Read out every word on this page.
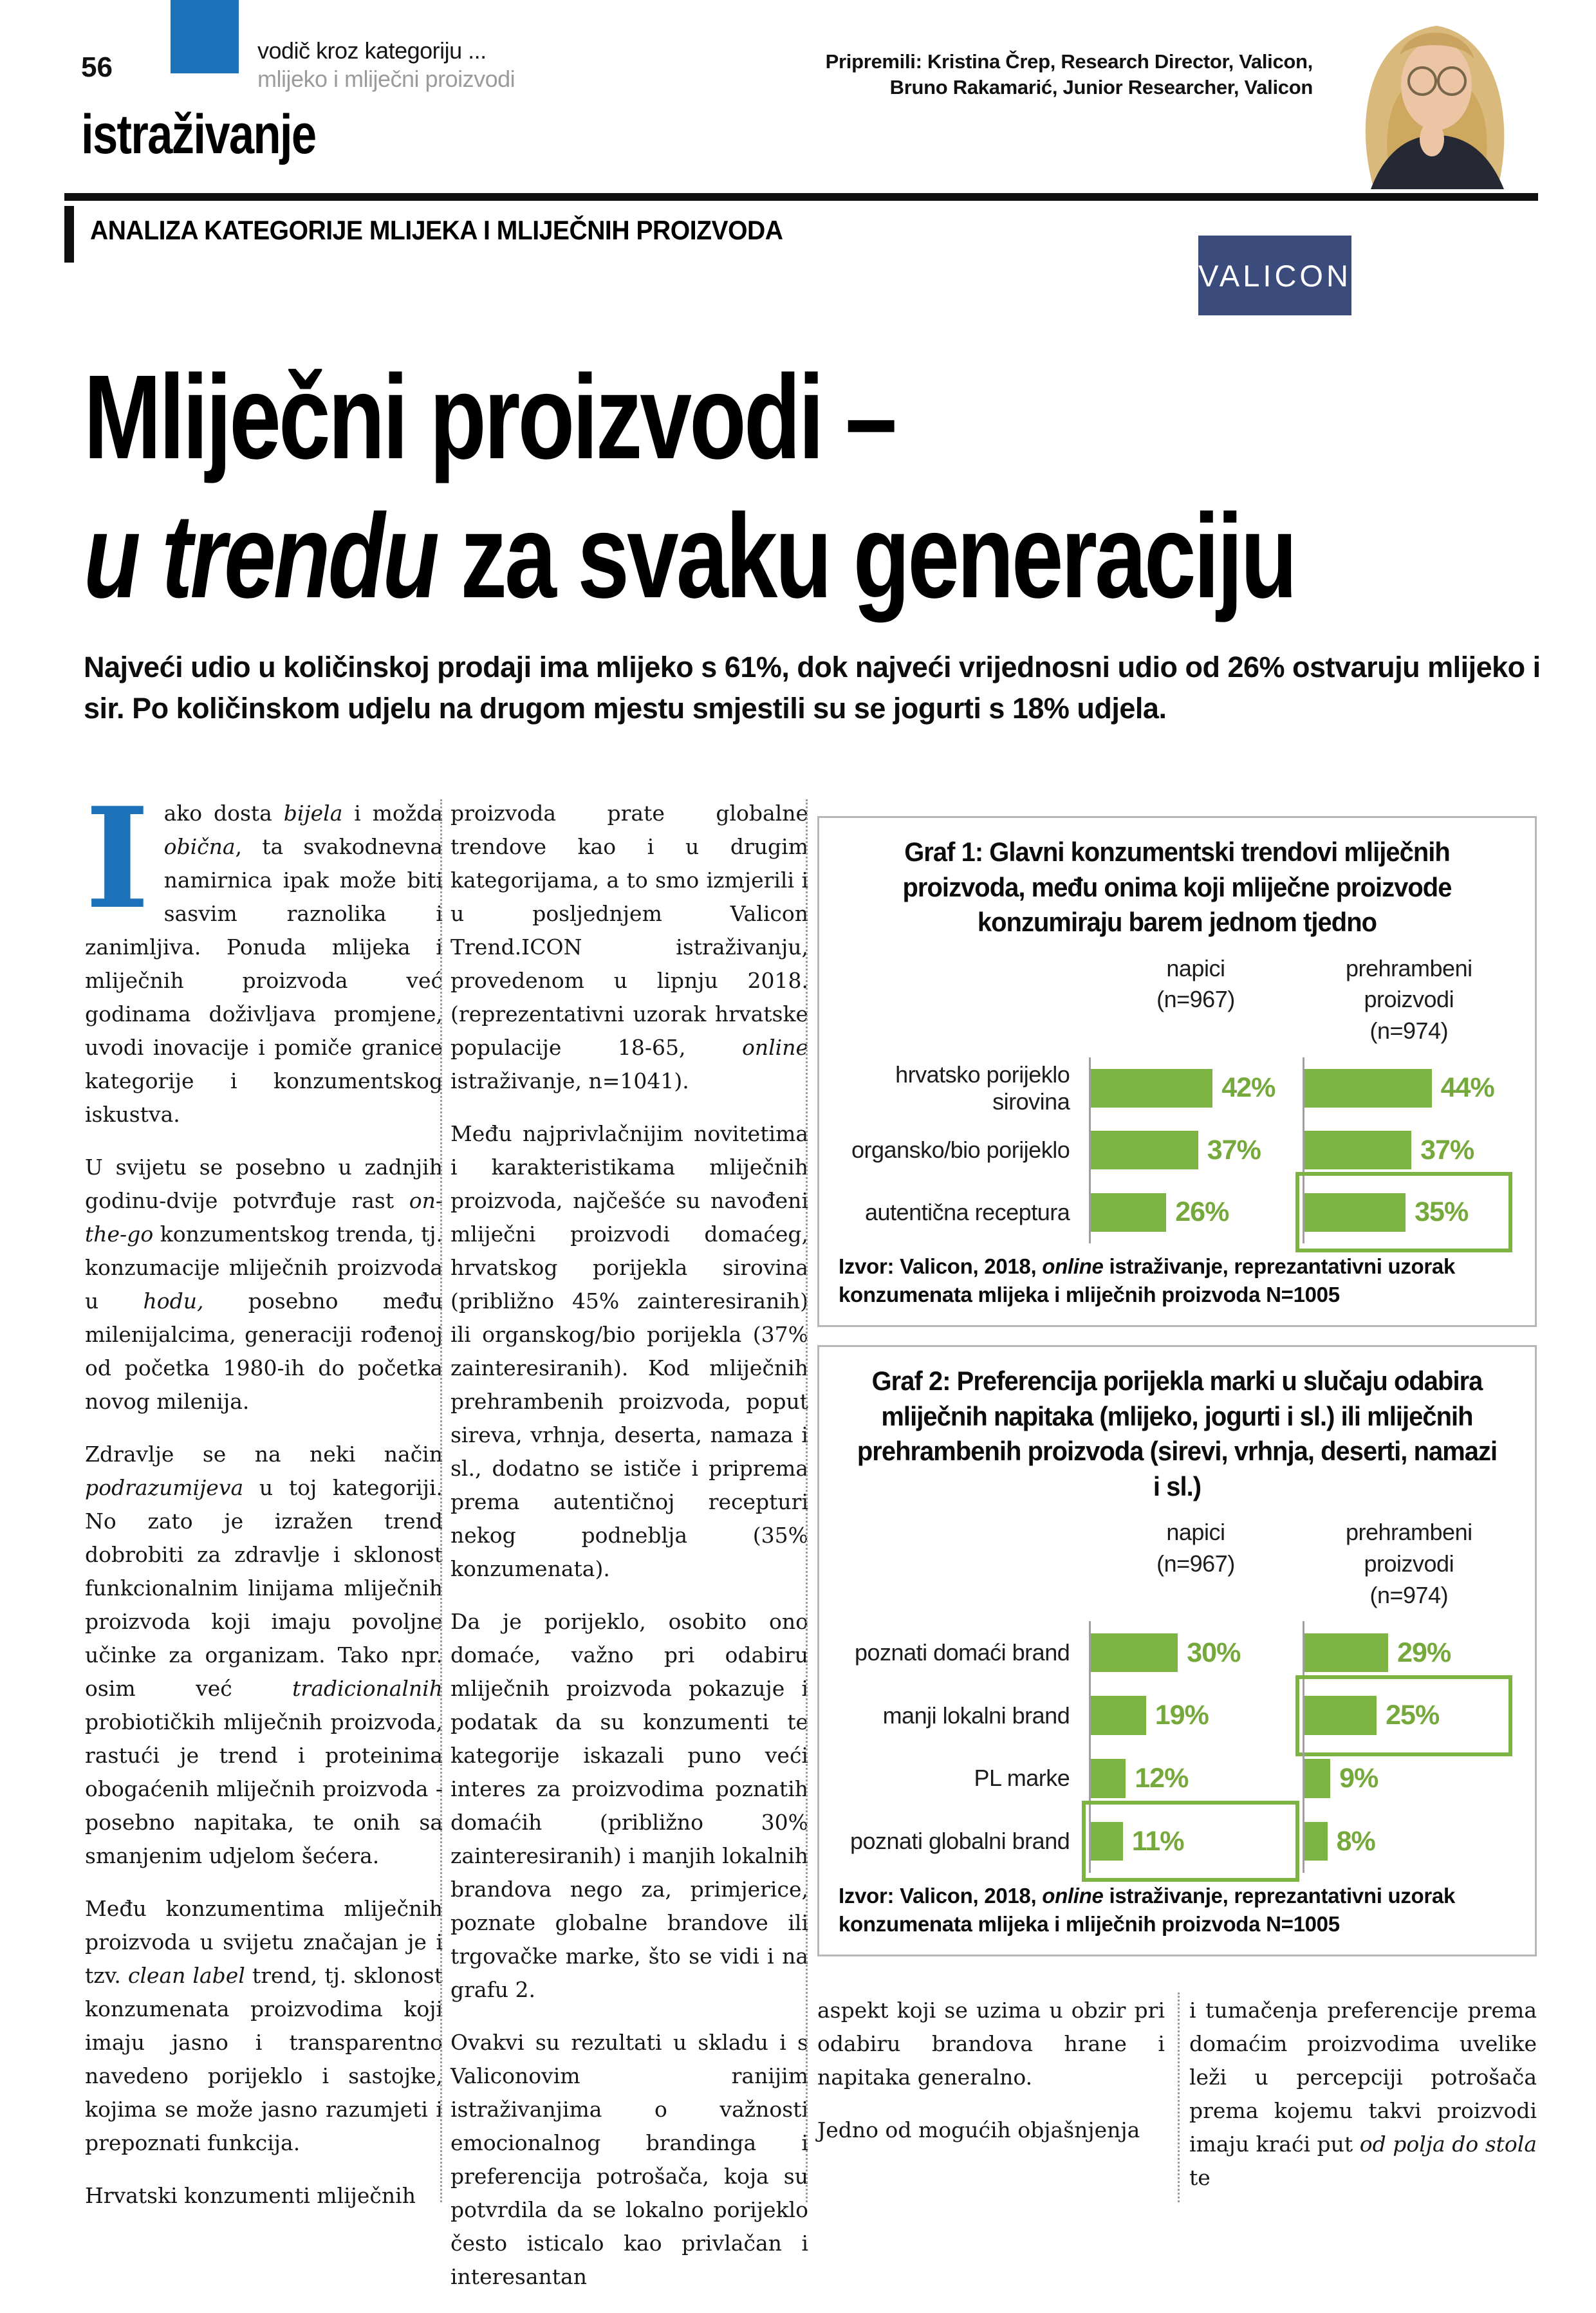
56
vodič kroz kategoriju ...
mlijeko i mliječni proizvodi
istraživanje
Pripremili: Kristina Črep, Research Director, Valicon,
Bruno Rakamarić, Junior Researcher, Valicon
ANALIZA KATEGORIJE MLIJEKA I MLIJEČNIH PROIZVODA
VALICON
Mliječni proizvodi –
u trendu za svaku generaciju

Najveći udio u količinskoj prodaji ima mlijeko s 61%, dok najveći vrijednosni udio od 26% ostvaruju mlijeko i sir. Po količinskom udjelu na drugom mjestu smjestili su se jogurti s 18% udjela.

Iako dosta bijela i možda obična, ta svakodnevna namirnica ipak može biti sasvim raznolika i zanimljiva. Ponuda mlijeka i mliječnih proizvoda već godinama doživljava promjene, uvodi inovacije i pomiče granice kategorije i konzumentskog iskustva.

U svijetu se posebno u zadnjih godinu-dvije potvrđuje rast on-the-go konzumentskog trenda, tj. konzumacije mliječnih proizvoda u hodu, posebno među milenijalcima, generaciji rođenoj od početka 1980-ih do početka novog milenija.

Zdravlje se na neki način podrazumijeva u toj kategoriji. No zato je izražen trend dobrobiti za zdravlje i sklonost funkcionalnim linijama mliječnih proizvoda koji imaju povoljne učinke za organizam. Tako npr. osim već tradicionalnih probiotičkih mliječnih proizvoda, rastući je trend i proteinima obogaćenih mliječnih proizvoda - posebno napitaka, te onih sa smanjenim udjelom šećera.

Među konzumentima mliječnih proizvoda u svijetu značajan je i tzv. clean label trend, tj. sklonost konzumenata proizvodima koji imaju jasno i transparentno navedeno porijeklo i sastojke, kojima se može jasno razumjeti i prepoznati funkcija.

Hrvatski konzumenti mliječnih

proizvoda prate globalne trendove kao i u drugim kategorijama, a to smo izmjerili i u posljednjem Valicon Trend.ICON istraživanju, provedenom u lipnju 2018. (reprezentativni uzorak hrvatske populacije 18-65, online istraživanje, n=1041).

Među najprivlačnijim novitetima i karakteristikama mliječnih proizvoda, najčešće su navođeni mliječni proizvodi domaćeg, hrvatskog porijekla sirovina (približno 45% zainteresiranih) ili organskog/bio porijekla (37% zainteresiranih). Kod mliječnih prehrambenih proizvoda, poput sireva, vrhnja, deserta, namaza i sl., dodatno se ističe i priprema prema autentičnoj recepturi nekog podneblja (35% konzumenata).

Da je porijeklo, osobito ono domaće, važno pri odabiru mliječnih proizvoda pokazuje i podatak da su konzumenti te kategorije iskazali puno veći interes za proizvodima poznatih domaćih (približno 30% zainteresiranih) i manjih lokalnih brandova nego za, primjerice, poznate globalne brandove ili trgovačke marke, što se vidi i na grafu 2.

Ovakvi su rezultati u skladu i s Valiconovim ranijim istraživanjima o važnosti emocionalnog brandinga i preferencija potrošača, koja su potvrdila da se lokalno porijeklo često isticalo kao privlačan i interesantan

Graf 1: Glavni konzumentski trendovi mliječnih proizvoda, među onima koji mliječne proizvode konzumiraju barem jednom tjedno
napici
(n=967)
prehrambeni proizvodi
(n=974)
hrvatsko porijeklo sirovina	42%	44%
organsko/bio porijeklo	37%	37%
autentična receptura	26%	35%
Izvor: Valicon, 2018, online istraživanje, reprezantativni uzorak konzumenata mlijeka i mliječnih proizvoda N=1005
Graf 2: Preferencija porijekla marki u slučaju odabira mliječnih napitaka (mlijeko, jogurti i sl.) ili mliječnih prehrambenih proizvoda (sirevi, vrhnja, deserti, namazi i sl.)
napici
(n=967)
prehrambeni proizvodi
(n=974)
poznati domaći brand	30%	29%
manji lokalni brand	19%	25%
PL marke	12%	9%
poznati globalni brand	11%	8%
Izvor: Valicon, 2018, online istraživanje, reprezantativni uzorak konzumenata mlijeka i mliječnih proizvoda N=1005

aspekt koji se uzima u obzir pri odabiru brandova hrane i napitaka generalno.

Jedno od mogućih objašnjenja

i tumačenja preferencije prema domaćim proizvodima uvelike leži u percepciji potrošača prema kojemu takvi proizvodi imaju kraći put od polja do stola te
